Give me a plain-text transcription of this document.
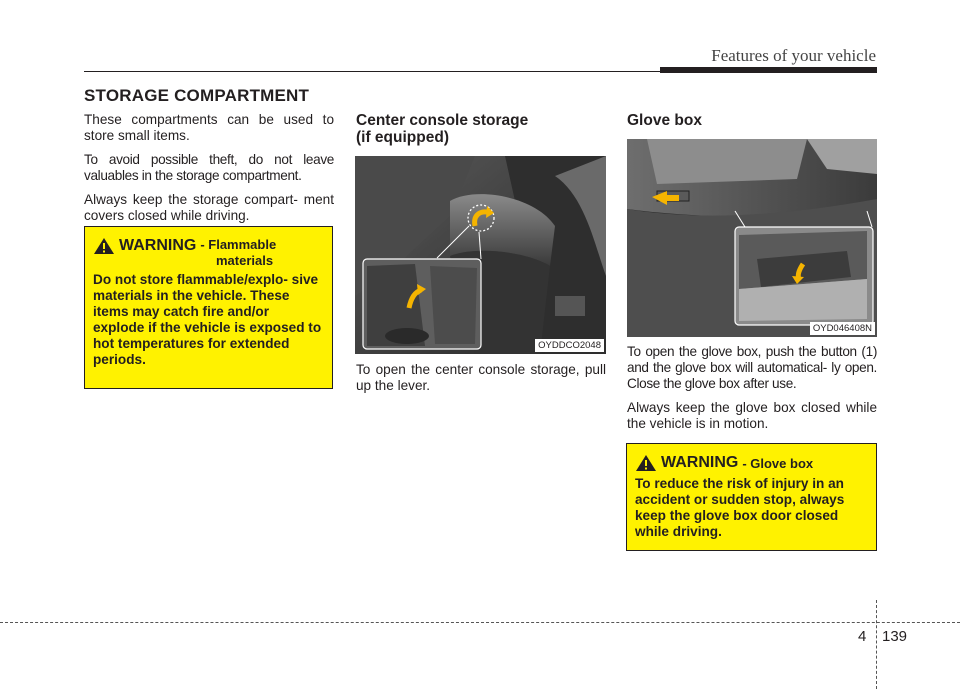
Features of your vehicle
STORAGE COMPARTMENT

These compartments can be used to store small items.

To avoid possible theft, do not leave valuables in the storage compartment.

Always keep the storage compart- ment covers closed while driving.

WARNING - Flammable
materials
Do not store flammable/explo- sive materials in the vehicle. These items may catch fire and/or explode if the vehicle is exposed to hot temperatures for extended periods.
Center console storage
(if equipped)
OYDDCO2048

To open the center console storage, pull up the lever.

Glove box
OYD046408N

To open the glove box, push the button (1) and the glove box will automatical- ly open. Close the glove box after use.

Always keep the glove box closed while the vehicle is in motion.

WARNING - Glove box
To reduce the risk of injury in an accident or sudden stop, always keep the glove box door closed while driving.
4 139
